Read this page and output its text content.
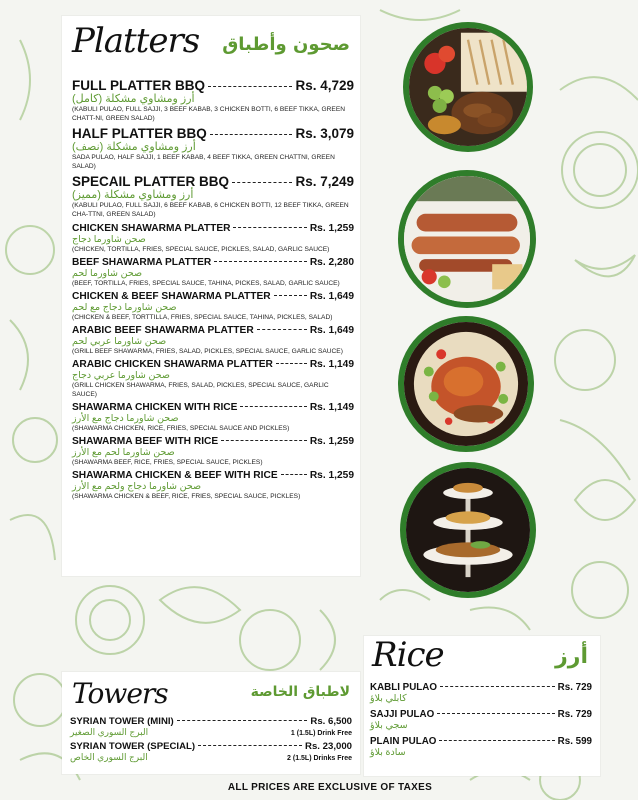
Platters صحون وأطباق
FULL PLATTER BBQ	Rs. 4,729
أرز ومشاوي مشكلة (كامل)
(KABULI PULAO, FULL SAJJI, 3 BEEF KABAB, 3 CHICKEN BOTTI, 6 BEEF TIKKA, GREEN CHATT-NI, GREEN SALAD)
HALF PLATTER BBQ	Rs. 3,079
أرز ومشاوي مشكلة (نصف)
SADA PULAO, HALF SAJJI, 1 BEEF KABAB, 4 BEEF TIKKA, GREEN CHATTNI, GREEN SALAD)
SPECAIL PLATTER BBQ	Rs. 7,249
أرز ومشاوي مشكلة (مميز)
(KABULI PULAO, FULL SAJJI, 6 BEEF KABAB, 6 CHICKEN BOTTI, 12 BEEF TIKKA, GREEN CHA-TTNI, GREEN SALAD)
CHICKEN SHAWARMA PLATTER	Rs. 1,259
صحن شاورما دجاج
(CHICKEN, TORTILLA, FRIES, SPECIAL SAUCE, PICKLES, SALAD, GARLIC SAUCE)
BEEF SHAWARMA PLATTER	Rs. 2,280
صحن شاورما لحم
(BEEF, TORTILLA, FRIES, SPECIAL SAUCE, TAHINA, PICKES, SALAD, GARLIC SAUCE)
CHICKEN & BEEF SHAWARMA PLATTER	Rs. 1,649
صحن شاورما دجاج مع لحم
(CHICKEN & BEEF, TORTTILLA, FRIES, SPECIAL SAUCE, TAHINA, PICKLES, SALAD)
ARABIC BEEF SHAWARMA PLATTER	Rs. 1,649
صحن شاورما عربي لحم
(GRILL BEEF SHAWARMA, FRIES, SALAD, PICKLES, SPECIAL SAUCE, GARLIC SAUCE)
ARABIC CHICKEN SHAWARMA PLATTER	Rs. 1,149
صحن شاورما عربي دجاج
(GRILL CHICKEN SHAWARMA, FRIES, SALAD, PICKLES, SPECIAL SAUCE, GARLIC SAUCE)
SHAWARMA CHICKEN WITH RICE	Rs. 1,149
صحن شاورما دجاج مع الأرز
(SHAWARMA CHICKEN, RICE, FRIES, SPECIAL SAUCE AND PICKLES)
SHAWARMA BEEF WITH RICE	Rs. 1,259
صحن شاورما لحم مع الأرز
(SHAWARMA BEEF, RICE, FRIES, SPECIAL SAUCE, PICKLES)
SHAWARMA CHICKEN & BEEF WITH RICE	Rs. 1,259
صحن شاورما دجاج ولحم مع الأرز
(SHAWARMA CHICKEN & BEEF, RICE, FRIES, SPECIAL SAUCE, PICKLES)
Towers	لاطباق الخاصة
SYRIAN TOWER (MINI)	Rs. 6,500
البرج السوري الصغير	1 (1.5L) Drink Free
SYRIAN TOWER (SPECIAL)	Rs. 23,000
البرج السوري الخاص	2 (1.5L) Drinks Free
Rice	أرز
KABLI PULAO	Rs. 729
كابلي بلاؤ
SAJJI PULAO	Rs. 729
سجي بلاؤ
PLAIN PULAO	Rs. 599
سادة بلاؤ
ALL PRICES ARE EXCLUSIVE OF TAXES
